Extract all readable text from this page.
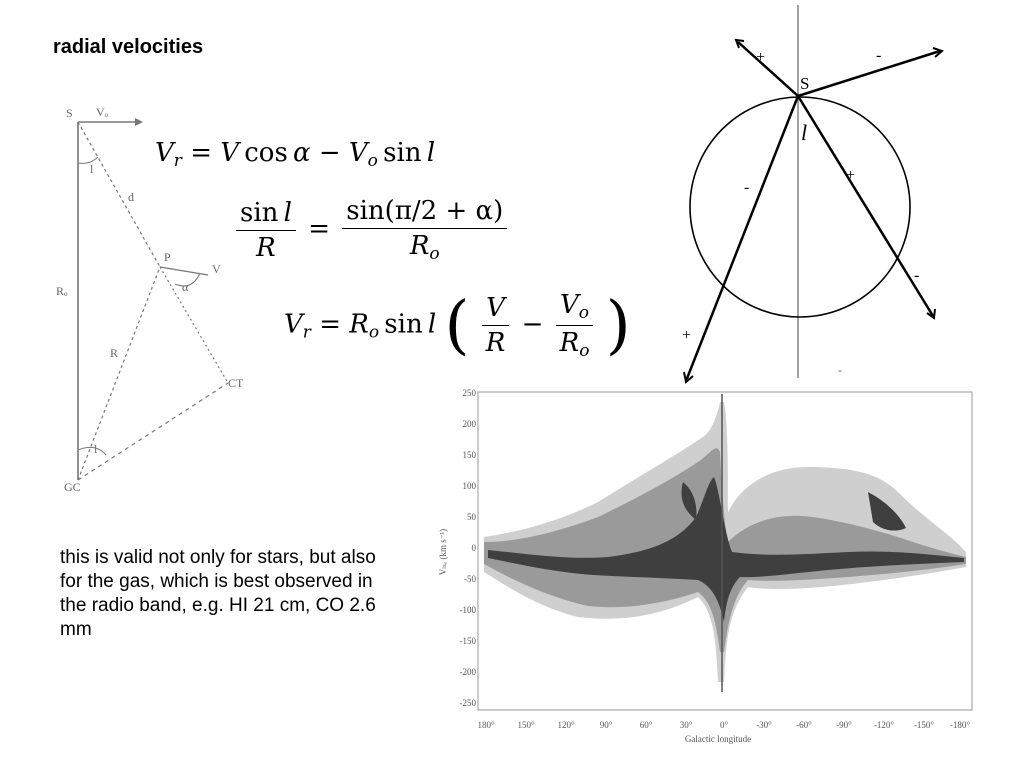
radial velocities
S Vₒ
l
d
P
V
α
Rₒ
R
CT
l
GC
$V_r = V$  $\cos \alpha - V_o$  sin  l
$\frac{\text{sin  l}}{R} = \frac{\sin(\pi/2 + \alpha)}{R_o}$
$V_r = R_o$  sin  l ( $\frac{V}{R} - \frac{V_o}{R_o}$ )
S
l
+	-
-
+
-
+
-
this is valid not only for stars, but also for the gas, which is best observed in the radio band, e.g. HI 21 cm, CO 2.6 mm
250
200
150
100
50
0
-50
-100
-150
-200
-250
180°	150°	120°	90°	60°	30°	0°	-30°	-60°	-90° -120° -150° -180°
Galactic longitude
Vₗₛᵣ (km s⁻¹)
